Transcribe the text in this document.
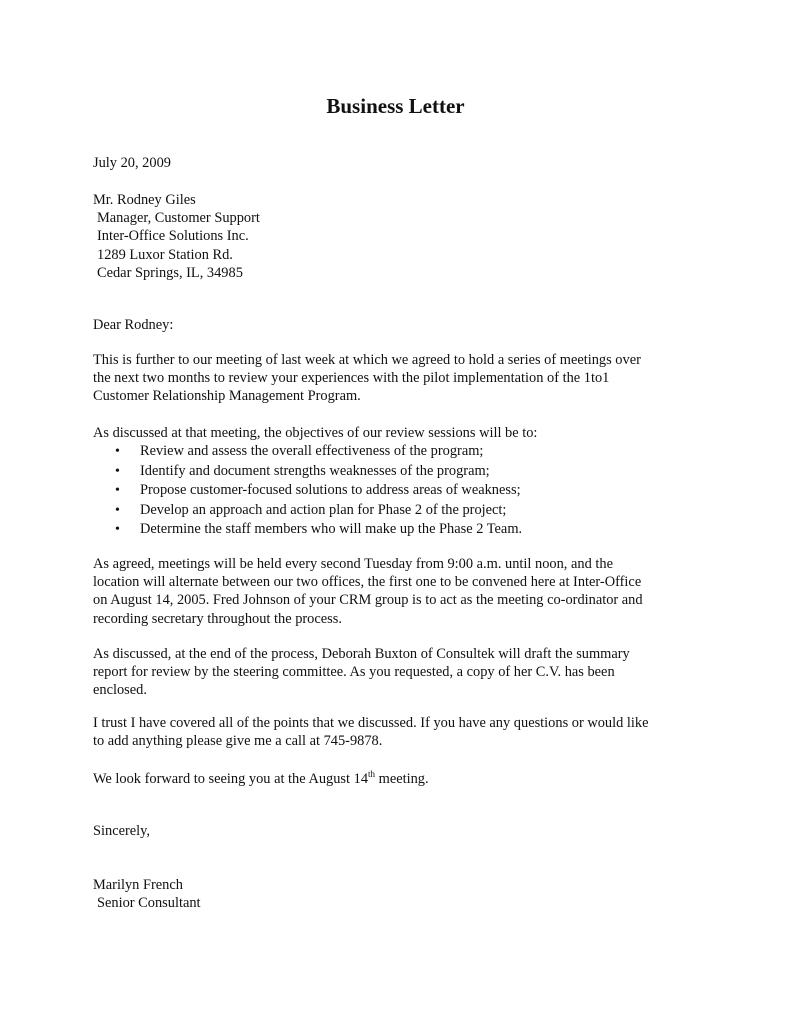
Business Letter
July 20, 2009
Mr. Rodney Giles
Manager, Customer Support
Inter-Office Solutions Inc.
1289 Luxor Station Rd.
Cedar Springs, IL, 34985
Dear Rodney:
This is further to our meeting of last week at which we agreed to hold a series of meetings over
the next two months to review your experiences with the pilot implementation of the 1to1
Customer Relationship Management Program.
As discussed at that meeting, the objectives of our review sessions will be to:
• Review and assess the overall effectiveness of the program;
• Identify and document strengths weaknesses of the program;
• Propose customer-focused solutions to address areas of weakness;
• Develop an approach and action plan for Phase 2 of the project;
• Determine the staff members who will make up the Phase 2 Team.
As agreed, meetings will be held every second Tuesday from 9:00 a.m. until noon, and the
location will alternate between our two offices, the first one to be convened here at Inter-Office
on August 14, 2005. Fred Johnson of your CRM group is to act as the meeting co-ordinator and
recording secretary throughout the process.
As discussed, at the end of the process, Deborah Buxton of Consultek will draft the summary
report for review by the steering committee. As you requested, a copy of her C.V. has been
enclosed.
I trust I have covered all of the points that we discussed. If you have any questions or would like
to add anything please give me a call at 745-9878.
We look forward to seeing you at the August 14th meeting.
Sincerely,
Marilyn French
Senior Consultant
